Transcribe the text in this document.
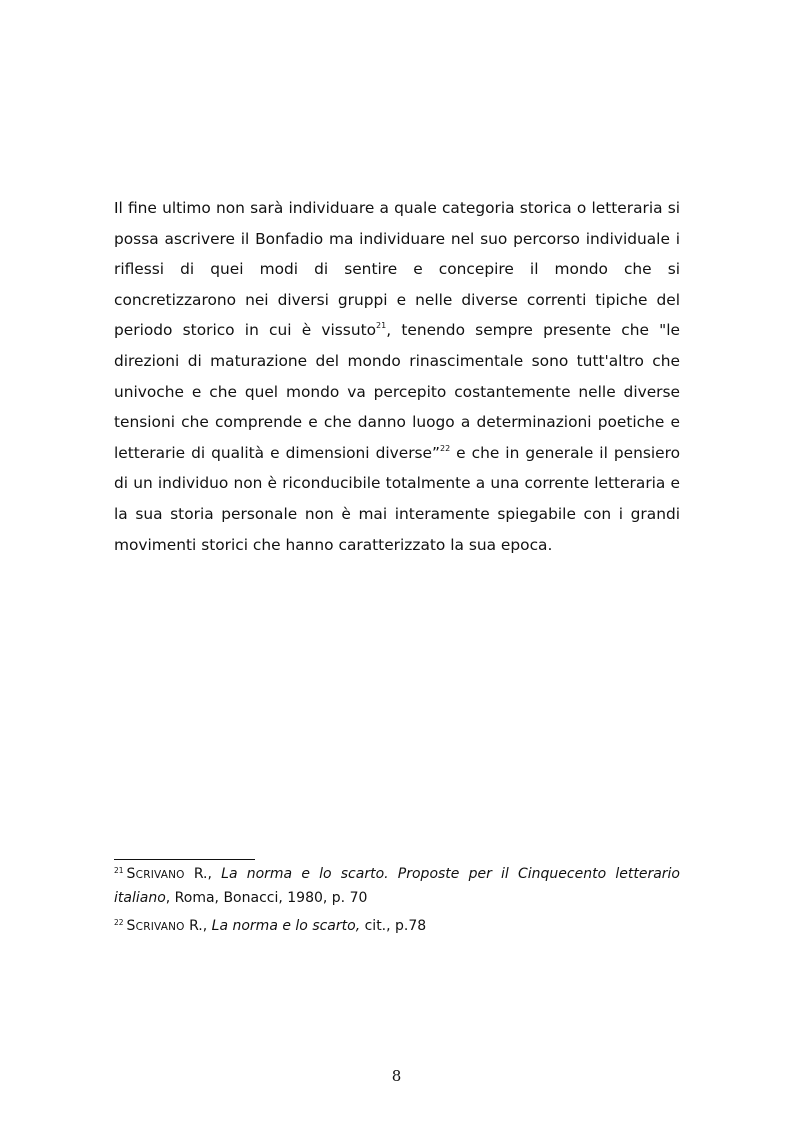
Il fine ultimo non sarà individuare a quale categoria storica o letteraria si possa ascrivere il Bonfadio ma individuare nel suo percorso individuale i riflessi di quei modi di sentire e concepire il mondo che si concretizzarono nei diversi gruppi e nelle diverse correnti tipiche del periodo storico in cui è vissuto$^{21}$, tenendo sempre presente che "le direzioni di maturazione del mondo rinascimentale sono tutt'altro che univoche e che quel mondo va percepito costantemente nelle diverse tensioni che comprende e che danno luogo a determinazioni poetiche e letterarie di qualità e dimensioni diverse”$^{22}$ e che in generale il pensiero di un individuo non è riconducibile totalmente a una corrente letteraria e la sua storia personale non è mai interamente spiegabile con i grandi movimenti storici che hanno caratterizzato la sua epoca.

$^{21}$ SCRIVANO R., La norma e lo scarto. Proposte per il Cinquecento letterario italiano, Roma, Bonacci, 1980, p. 70

$^{22}$ SCRIVANO R., La norma e lo scarto, cit., p.78

8
